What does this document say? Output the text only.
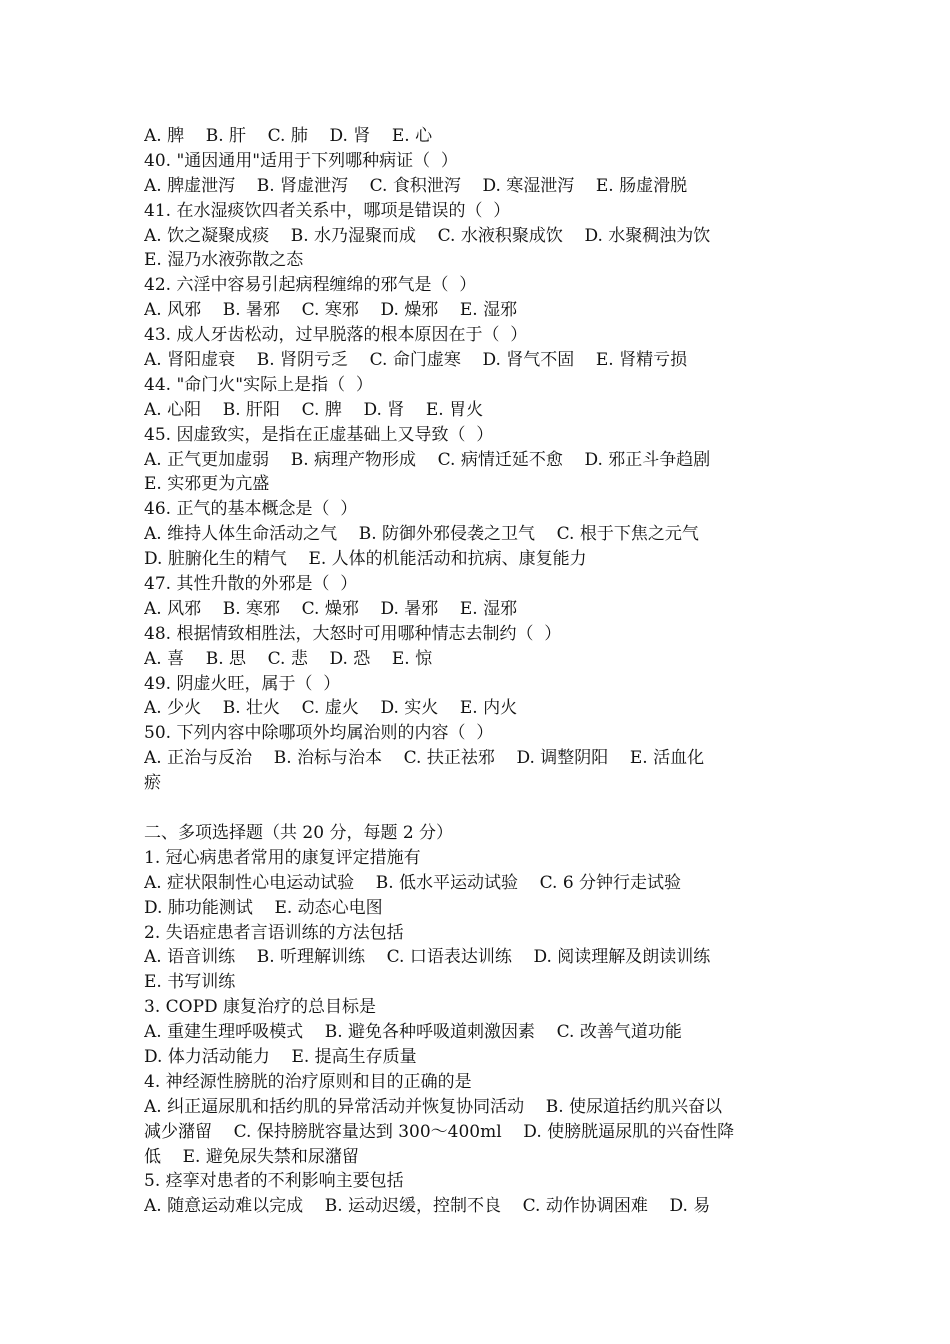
A. 脾    B. 肝    C. 肺    D. 肾    E. 心
40. "通因通用"适用于下列哪种病证（  ）
A. 脾虚泄泻    B. 肾虚泄泻    C. 食积泄泻    D. 寒湿泄泻    E. 肠虚滑脱
41. 在水湿痰饮四者关系中，哪项是错误的（  ）
A. 饮之凝聚成痰    B. 水乃湿聚而成    C. 水液积聚成饮    D. 水聚稠浊为饮
E. 湿乃水液弥散之态
42. 六淫中容易引起病程缠绵的邪气是（  ）
A. 风邪    B. 暑邪    C. 寒邪    D. 燥邪    E. 湿邪
43. 成人牙齿松动，过早脱落的根本原因在于（  ）
A. 肾阳虚衰    B. 肾阴亏乏    C. 命门虚寒    D. 肾气不固    E. 肾精亏损
44. "命门火"实际上是指（  ）
A. 心阳    B. 肝阳    C. 脾    D. 肾    E. 胃火
45. 因虚致实，是指在正虚基础上又导致（  ）
A. 正气更加虚弱    B. 病理产物形成    C. 病情迁延不愈    D. 邪正斗争趋剧
E. 实邪更为亢盛
46. 正气的基本概念是（  ）
A. 维持人体生命活动之气    B. 防御外邪侵袭之卫气    C. 根于下焦之元气
D. 脏腑化生的精气    E. 人体的机能活动和抗病、康复能力
47. 其性升散的外邪是（  ）
A. 风邪    B. 寒邪    C. 燥邪    D. 暑邪    E. 湿邪
48. 根据情致相胜法，大怒时可用哪种情志去制约（  ）
A. 喜    B. 思    C. 悲    D. 恐    E. 惊
49. 阴虚火旺，属于（  ）
A. 少火    B. 壮火    C. 虚火    D. 实火    E. 内火
50. 下列内容中除哪项外均属治则的内容（  ）
A. 正治与反治    B. 治标与治本    C. 扶正祛邪    D. 调整阴阳    E. 活血化
瘀
二、多项选择题（共 20 分，每题 2 分）
1. 冠心病患者常用的康复评定措施有
A. 症状限制性心电运动试验    B. 低水平运动试验    C. 6 分钟行走试验
D. 肺功能测试    E. 动态心电图
2. 失语症患者言语训练的方法包括
A. 语音训练    B. 听理解训练    C. 口语表达训练    D. 阅读理解及朗读训练
E. 书写训练
3. COPD 康复治疗的总目标是
A. 重建生理呼吸模式    B. 避免各种呼吸道刺激因素    C. 改善气道功能
D. 体力活动能力    E. 提高生存质量
4. 神经源性膀胱的治疗原则和目的正确的是
A. 纠正逼尿肌和括约肌的异常活动并恢复协同活动    B. 使尿道括约肌兴奋以
减少潴留    C. 保持膀胱容量达到 300～400ml    D. 使膀胱逼尿肌的兴奋性降
低    E. 避免尿失禁和尿潴留
5. 痉挛对患者的不利影响主要包括
A. 随意运动难以完成    B. 运动迟缓，控制不良    C. 动作协调困难    D. 易
